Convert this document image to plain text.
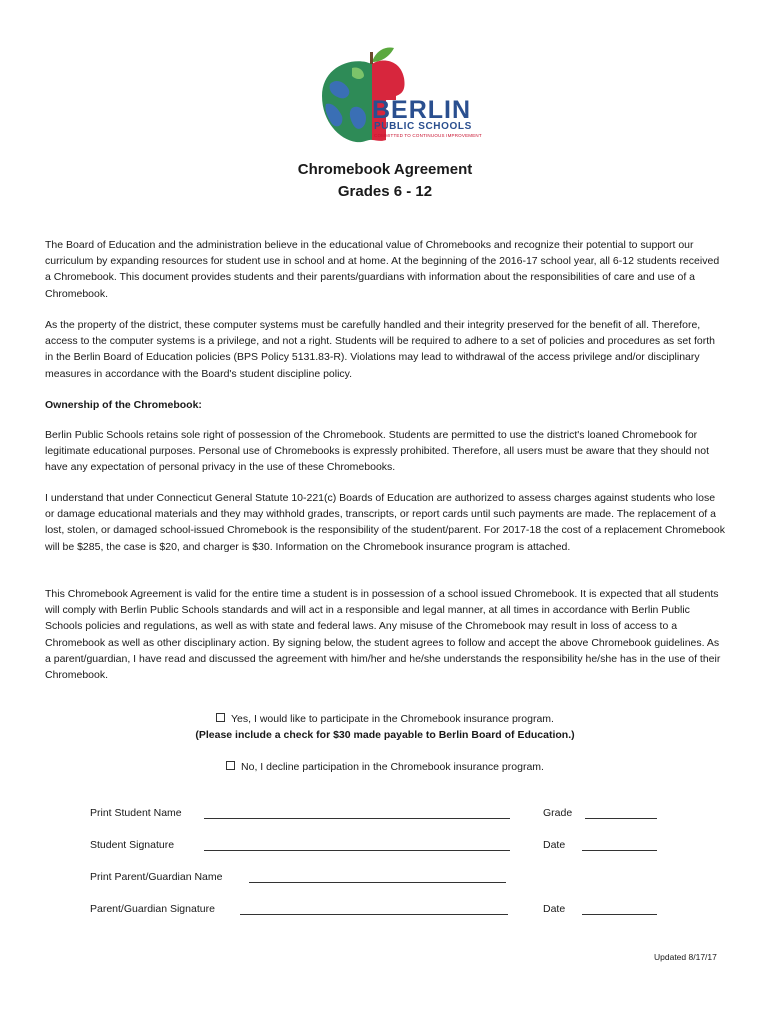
BERLIN
PUBLIC SCHOOLS
COMMITTED TO CONTINUOUS IMPROVEMENT
Chromebook Agreement
Grades 6 - 12

The Board of Education and the administration believe in the educational value of Chromebooks and recognize their potential to support our curriculum by expanding resources for student use in school and at home. At the beginning of the 2016-17 school year, all 6-12 students received a Chromebook. This document provides students and their parents/guardians with information about the responsibilities of care and use of a Chromebook.

As the property of the district, these computer systems must be carefully handled and their integrity preserved for the benefit of all. Therefore, access to the computer systems is a privilege, and not a right. Students will be required to adhere to a set of policies and procedures as set forth in the Berlin Board of Education policies (BPS Policy 5131.83-R). Violations may lead to withdrawal of the access privilege and/or disciplinary measures in accordance with the Board's student discipline policy.

Ownership of the Chromebook:

Berlin Public Schools retains sole right of possession of the Chromebook. Students are permitted to use the district's loaned Chromebook for legitimate educational purposes. Personal use of Chromebooks is expressly prohibited. Therefore, all users must be aware that they should not have any expectation of personal privacy in the use of these Chromebooks.

I understand that under Connecticut General Statute 10-221(c) Boards of Education are authorized to assess charges against students who lose or damage educational materials and they may withhold grades, transcripts, or report cards until such payments are made. The replacement of a lost, stolen, or damaged school-issued Chromebook is the responsibility of the student/parent. For 2017-18 the cost of a replacement Chromebook will be $285, the case is $20, and charger is $30. Information on the Chromebook insurance program is attached.

This Chromebook Agreement is valid for the entire time a student is in possession of a school issued Chromebook. It is expected that all students will comply with Berlin Public Schools standards and will act in a responsible and legal manner, at all times in accordance with Berlin Public Schools policies and regulations, as well as with state and federal laws. Any misuse of the Chromebook may result in loss of access to a Chromebook as well as other disciplinary action. By signing below, the student agrees to follow and accept the above Chromebook guidelines. As a parent/guardian, I have read and discussed the agreement with him/her and he/she understands the responsibility he/she has in the use of their Chromebook.

Yes, I would like to participate in the Chromebook insurance program.
(Please include a check for $30 made payable to Berlin Board of Education.)
No, I decline participation in the Chromebook insurance program.
Print Student Name	Grade
Student Signature	Date
Print Parent/Guardian Name
Parent/Guardian Signature	Date
Updated 8/17/17
